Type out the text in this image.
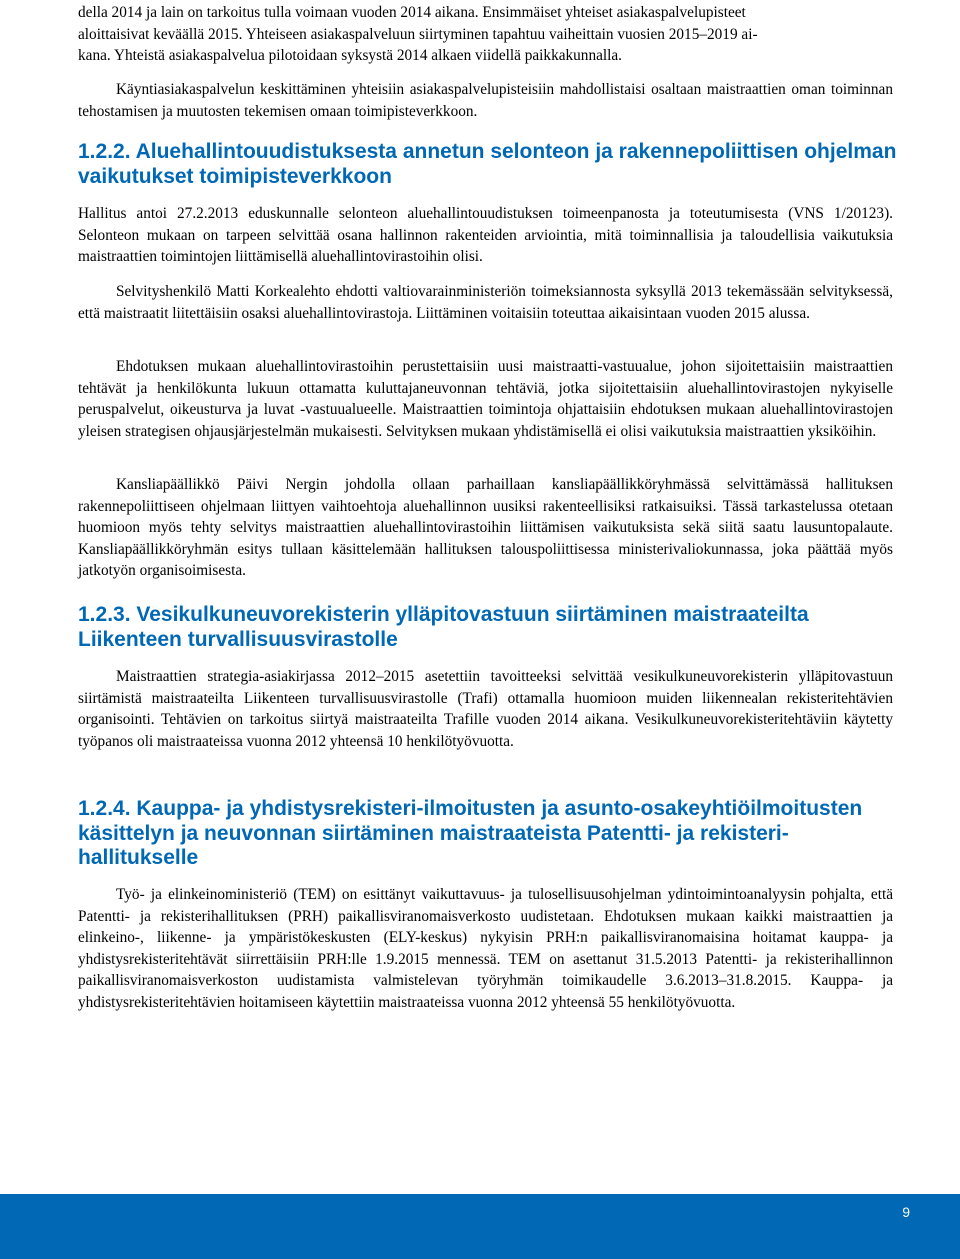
della 2014 ja lain on tarkoitus tulla voimaan vuoden 2014 aikana. Ensimmäiset yhteiset asiakaspalvelupisteet
aloittaisivat keväällä 2015. Yhteiseen asiakaspalveluun siirtyminen tapahtuu vaiheittain vuosien 2015–2019 ai-
kana. Yhteistä asiakaspalvelua pilotoidaan syksystä 2014 alkaen viidellä paikkakunnalla.

Käyntiasiakaspalvelun keskittäminen yhteisiin asiakaspalvelupisteisiin mahdollistaisi osaltaan maistraattien oman toiminnan tehostamisen ja muutosten tekemisen omaan toimipisteverkkoon.

1.2.2. Aluehallintouudistuksesta annetun selonteon ja rakennepoliittisen ohjelman vaikutukset toimipisteverkkoon

Hallitus antoi 27.2.2013 eduskunnalle selonteon aluehallintouudistuksen toimeenpanosta ja toteutumisesta (VNS 1/20123). Selonteon mukaan on tarpeen selvittää osana hallinnon rakenteiden arviointia, mitä toiminnallisia ja taloudellisia vaikutuksia maistraattien toimintojen liittämisellä aluehallintovirastoihin olisi.

Selvityshenkilö Matti Korkealehto ehdotti valtiovarainministeriön toimeksiannosta syksyllä 2013 tekemässään selvityksessä, että maistraatit liitettäisiin osaksi aluehallintovirastoja. Liittäminen voitaisiin toteuttaa aikaisintaan vuoden 2015 alussa.

Ehdotuksen mukaan aluehallintovirastoihin perustettaisiin uusi maistraatti-vastuualue, johon sijoitettaisiin maistraattien tehtävät ja henkilökunta lukuun ottamatta kuluttajaneuvonnan tehtäviä, jotka sijoitettaisiin aluehallintovirastojen nykyiselle peruspalvelut, oikeusturva ja luvat -vastuualueelle. Maistraattien toimintoja ohjattaisiin ehdotuksen mukaan aluehallintovirastojen yleisen strategisen ohjausjärjestelmän mukaisesti. Selvityksen mukaan yhdistämisellä ei olisi vaikutuksia maistraattien yksiköihin.

Kansliapäällikkö Päivi Nergin johdolla ollaan parhaillaan kansliapäällikköryhmässä selvittämässä hallituksen rakennepoliittiseen ohjelmaan liittyen vaihtoehtoja aluehallinnon uusiksi rakenteellisiksi ratkaisuiksi. Tässä tarkastelussa otetaan huomioon myös tehty selvitys maistraattien aluehallintovirastoihin liittämisen vaikutuksista sekä siitä saatu lausuntopalaute. Kansliapäällikköryhmän esitys tullaan käsittelemään hallituksen talouspoliittisessa ministerivaliokunnassa, joka päättää myös jatkotyön organisoimisesta.

1.2.3. Vesikulkuneuvorekisterin ylläpitovastuun siirtäminen maistraateilta Liikenteen turvallisuusvirastolle

Maistraattien strategia-asiakirjassa 2012–2015 asetettiin tavoitteeksi selvittää vesikulkuneuvorekisterin ylläpitovastuun siirtämistä maistraateilta Liikenteen turvallisuusvirastolle (Trafi) ottamalla huomioon muiden liikennealan rekisteritehtävien organisointi. Tehtävien on tarkoitus siirtyä maistraateilta Trafille vuoden 2014 aikana. Vesikulkuneuvorekisteritehtäviin käytetty työpanos oli maistraateissa vuonna 2012 yhteensä 10 henkilötyövuotta.

1.2.4. Kauppa- ja yhdistysrekisteri-ilmoitusten ja asunto-osakeyhtiöilmoitusten käsittelyn ja neuvonnan siirtäminen maistraateista Patentti- ja rekisterihallitukselle

Työ- ja elinkeinoministeriö (TEM) on esittänyt vaikuttavuus- ja tulosellisuusohjelman ydintoimintoanalyysin pohjalta, että Patentti- ja rekisterihallituksen (PRH) paikallisviranomaisverkosto uudistetaan. Ehdotuksen mukaan kaikki maistraattien ja elinkeino-, liikenne- ja ympäristökeskusten (ELY-keskus) nykyisin PRH:n paikallisviranomaisina hoitamat kauppa- ja yhdistysrekisteritehtävät siirrettäisiin PRH:lle 1.9.2015 mennessä. TEM on asettanut 31.5.2013 Patentti- ja rekisterihallinnon paikallisviranomaisverkoston uudistamista valmistelevan työryhmän toimikaudelle 3.6.2013–31.8.2015. Kauppa- ja yhdistysrekisteritehtävien hoitamiseen käytettiin maistraateissa vuonna 2012 yhteensä 55 henkilötyövuotta.

9
